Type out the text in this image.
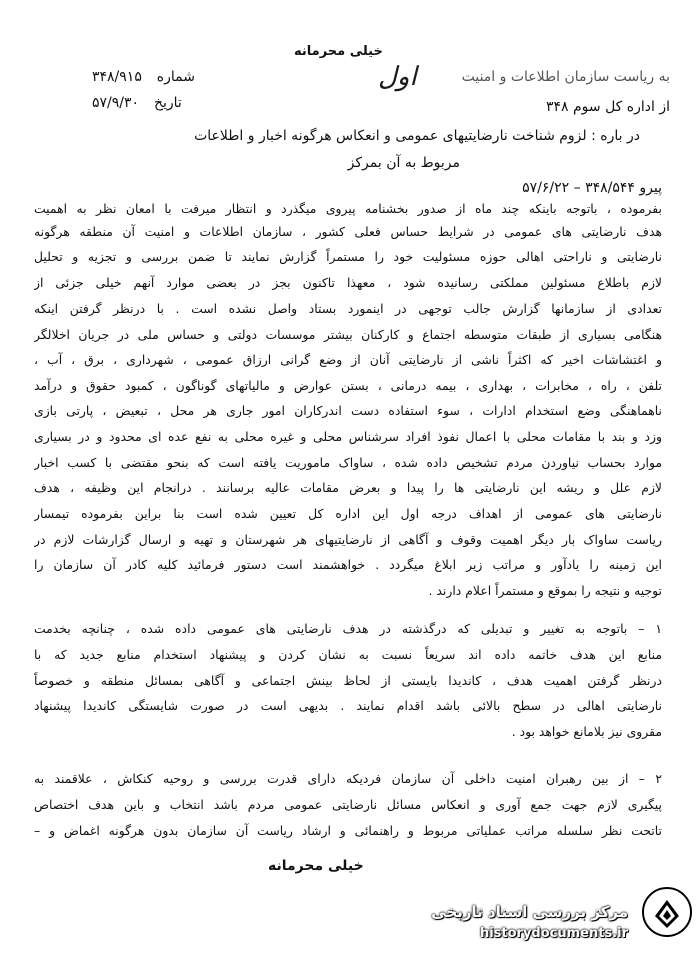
خیلی محرمانه
شماره  ۳۴۸/۹۱۵
تاریخ  ۵۷/۹/۳۰
به ریاست سازمان اطلاعات و امنیت
اول
از اداره کل سوم ۳۴۸
در باره : لزوم شناخت نارضایتیهای عمومی و انعکاس هرگونه اخبار و اطلاعات
مربوط به آن بمرکز
پیرو ۳۴۸/۵۴۴ – ۵۷/۶/۲۲
بفرموده ، باتوجه باینکه چند ماه از صدور بخشنامه پیروی میگذرد و انتظار میرفت با امعان نظر به اهمیت
هدف نارضایتی های عمومی در شرایط حساس فعلی کشور ، سازمان اطلاعات و امنیت آن منطقه هرگونه
نارضایتی و ناراحتی اهالی حوزه مسئولیت خود را مستمراً گزارش نمایند تا ضمن بررسی و تجزیه و تحلیل
لازم باطلاع مسئولین مملکتی رسانیده شود ، معهذا تاکنون بجز در بعضی موارد آنهم خیلی جزئی از
تعدادی از سازمانها گزارش جالب توجهی در اینمورد بستاد واصل نشده است . با درنظر گرفتن اینکه
هنگامی بسیاری از طبقات متوسطه اجتماع و کارکنان بیشتر موسسات دولتی و حساس ملی در جریان اخلالگر
و اغتشاشات اخیر که اکثراً ناشی از نارضایتی آنان از وضع گرانی ارزاق عمومی ، شهرداری ، برق ، آب ،
تلفن ، راه ، مخابرات ، بهداری ، بیمه درمانی ، بستن عوارض و مالیاتهای گوناگون ، کمبود حقوق و درآمد
ناهماهنگی وضع استخدام ادارات ، سوء استفاده دست اندرکاران امور جاری هر محل ، تبعیض ، پارتی بازی
وزد و بند با مقامات محلی با اعمال نفوذ افراد سرشناس محلی و غیره محلی به نفع عده ای محدود و در بسیاری
موارد بحساب نیاوردن مردم تشخیص داده شده ، ساواک ماموریت یافته است که بنحو مقتضی با کسب اخبار
لازم علل و ریشه این نارضایتی ها را پیدا و بعرض مقامات عالیه برسانند . درانجام این وظیفه ، هدف
نارضایتی های عمومی از اهداف درجه اول این اداره کل تعیین شده است بنا براین بفرموده تیمسار
ریاست ساواک بار دیگر اهمیت وقوف و آگاهی از نارضایتیهای هر شهرستان و تهیه و ارسال گزارشات لازم در
این زمینه را یادآور و مراتب زیر ابلاغ میگردد . خواهشمند است دستور فرمائید کلیه کادر آن سازمان را
توجیه و نتیجه را بموقع و مستمراً اعلام دارند .
۱ – باتوجه به تغییر و تبدیلی که درگذشته در هدف نارضایتی های عمومی داده شده ، چنانچه بخدمت
منابع این هدف خاتمه داده اند سریعاً نسبت به نشان کردن و پیشنهاد استخدام منابع جدید که با
درنظر گرفتن اهمیت هدف ، کاندیدا بایستی از لحاظ بینش اجتماعی و آگاهی بمسائل منطقه و خصوصاً
نارضایتی اهالی در سطح بالائی باشد اقدام نمایند . بدیهی است در صورت شایستگی کاندیدا پیشنهاد
مقروی نیز بلامانع خواهد بود .
۲ – از بین رهبران امنیت داخلی آن سازمان فردیکه دارای قدرت بررسی و روحیه کنکاش ، علاقمند به
پیگیری لازم جهت جمع آوری و انعکاس مسائل نارضایتی عمومی مردم باشد انتخاب و باین هدف اختصاص
تاتحت نظر سلسله مراتب عملیاتی مربوط و راهنمائی و ارشاد ریاست آن سازمان بدون هرگونه اغماض و –
خیلی محرمانه
مرکز بررسی اسناد تاریخی
historydocuments.ir
